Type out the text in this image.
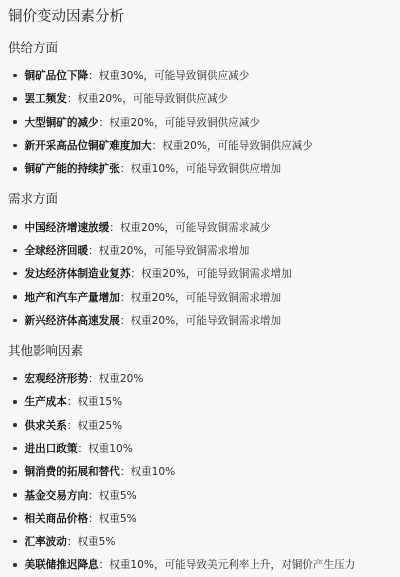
铜价变动因素分析
供给方面
铜矿品位下降 ： 权重30%，可能导致铜供应减少
罢工频发 ： 权重20%，可能导致铜供应减少
大型铜矿的减少 ： 权重20%，可能导致铜供应减少
新开采高品位铜矿难度加大 ： 权重20%，可能导致铜供应减少
铜矿产能的持续扩张 ： 权重10%，可能导致铜供应增加
需求方面
中国经济增速放缓 ： 权重20%，可能导致铜需求减少
全球经济回暖 ： 权重20%，可能导致铜需求增加
发达经济体制造业复苏 ： 权重20%，可能导致铜需求增加
地产和汽车产量增加 ： 权重20%，可能导致铜需求增加
新兴经济体高速发展 ： 权重20%，可能导致铜需求增加
其他影响因素
宏观经济形势 ： 权重20%
生产成本 ： 权重15%
供求关系 ： 权重25%
进出口政策 ： 权重10%
铜消费的拓展和替代 ： 权重10%
基金交易方向 ： 权重5%
相关商品价格 ： 权重5%
汇率波动 ： 权重5%
美联储推迟降息 ： 权重10%，可能导致美元利率上升，对铜价产生压力
